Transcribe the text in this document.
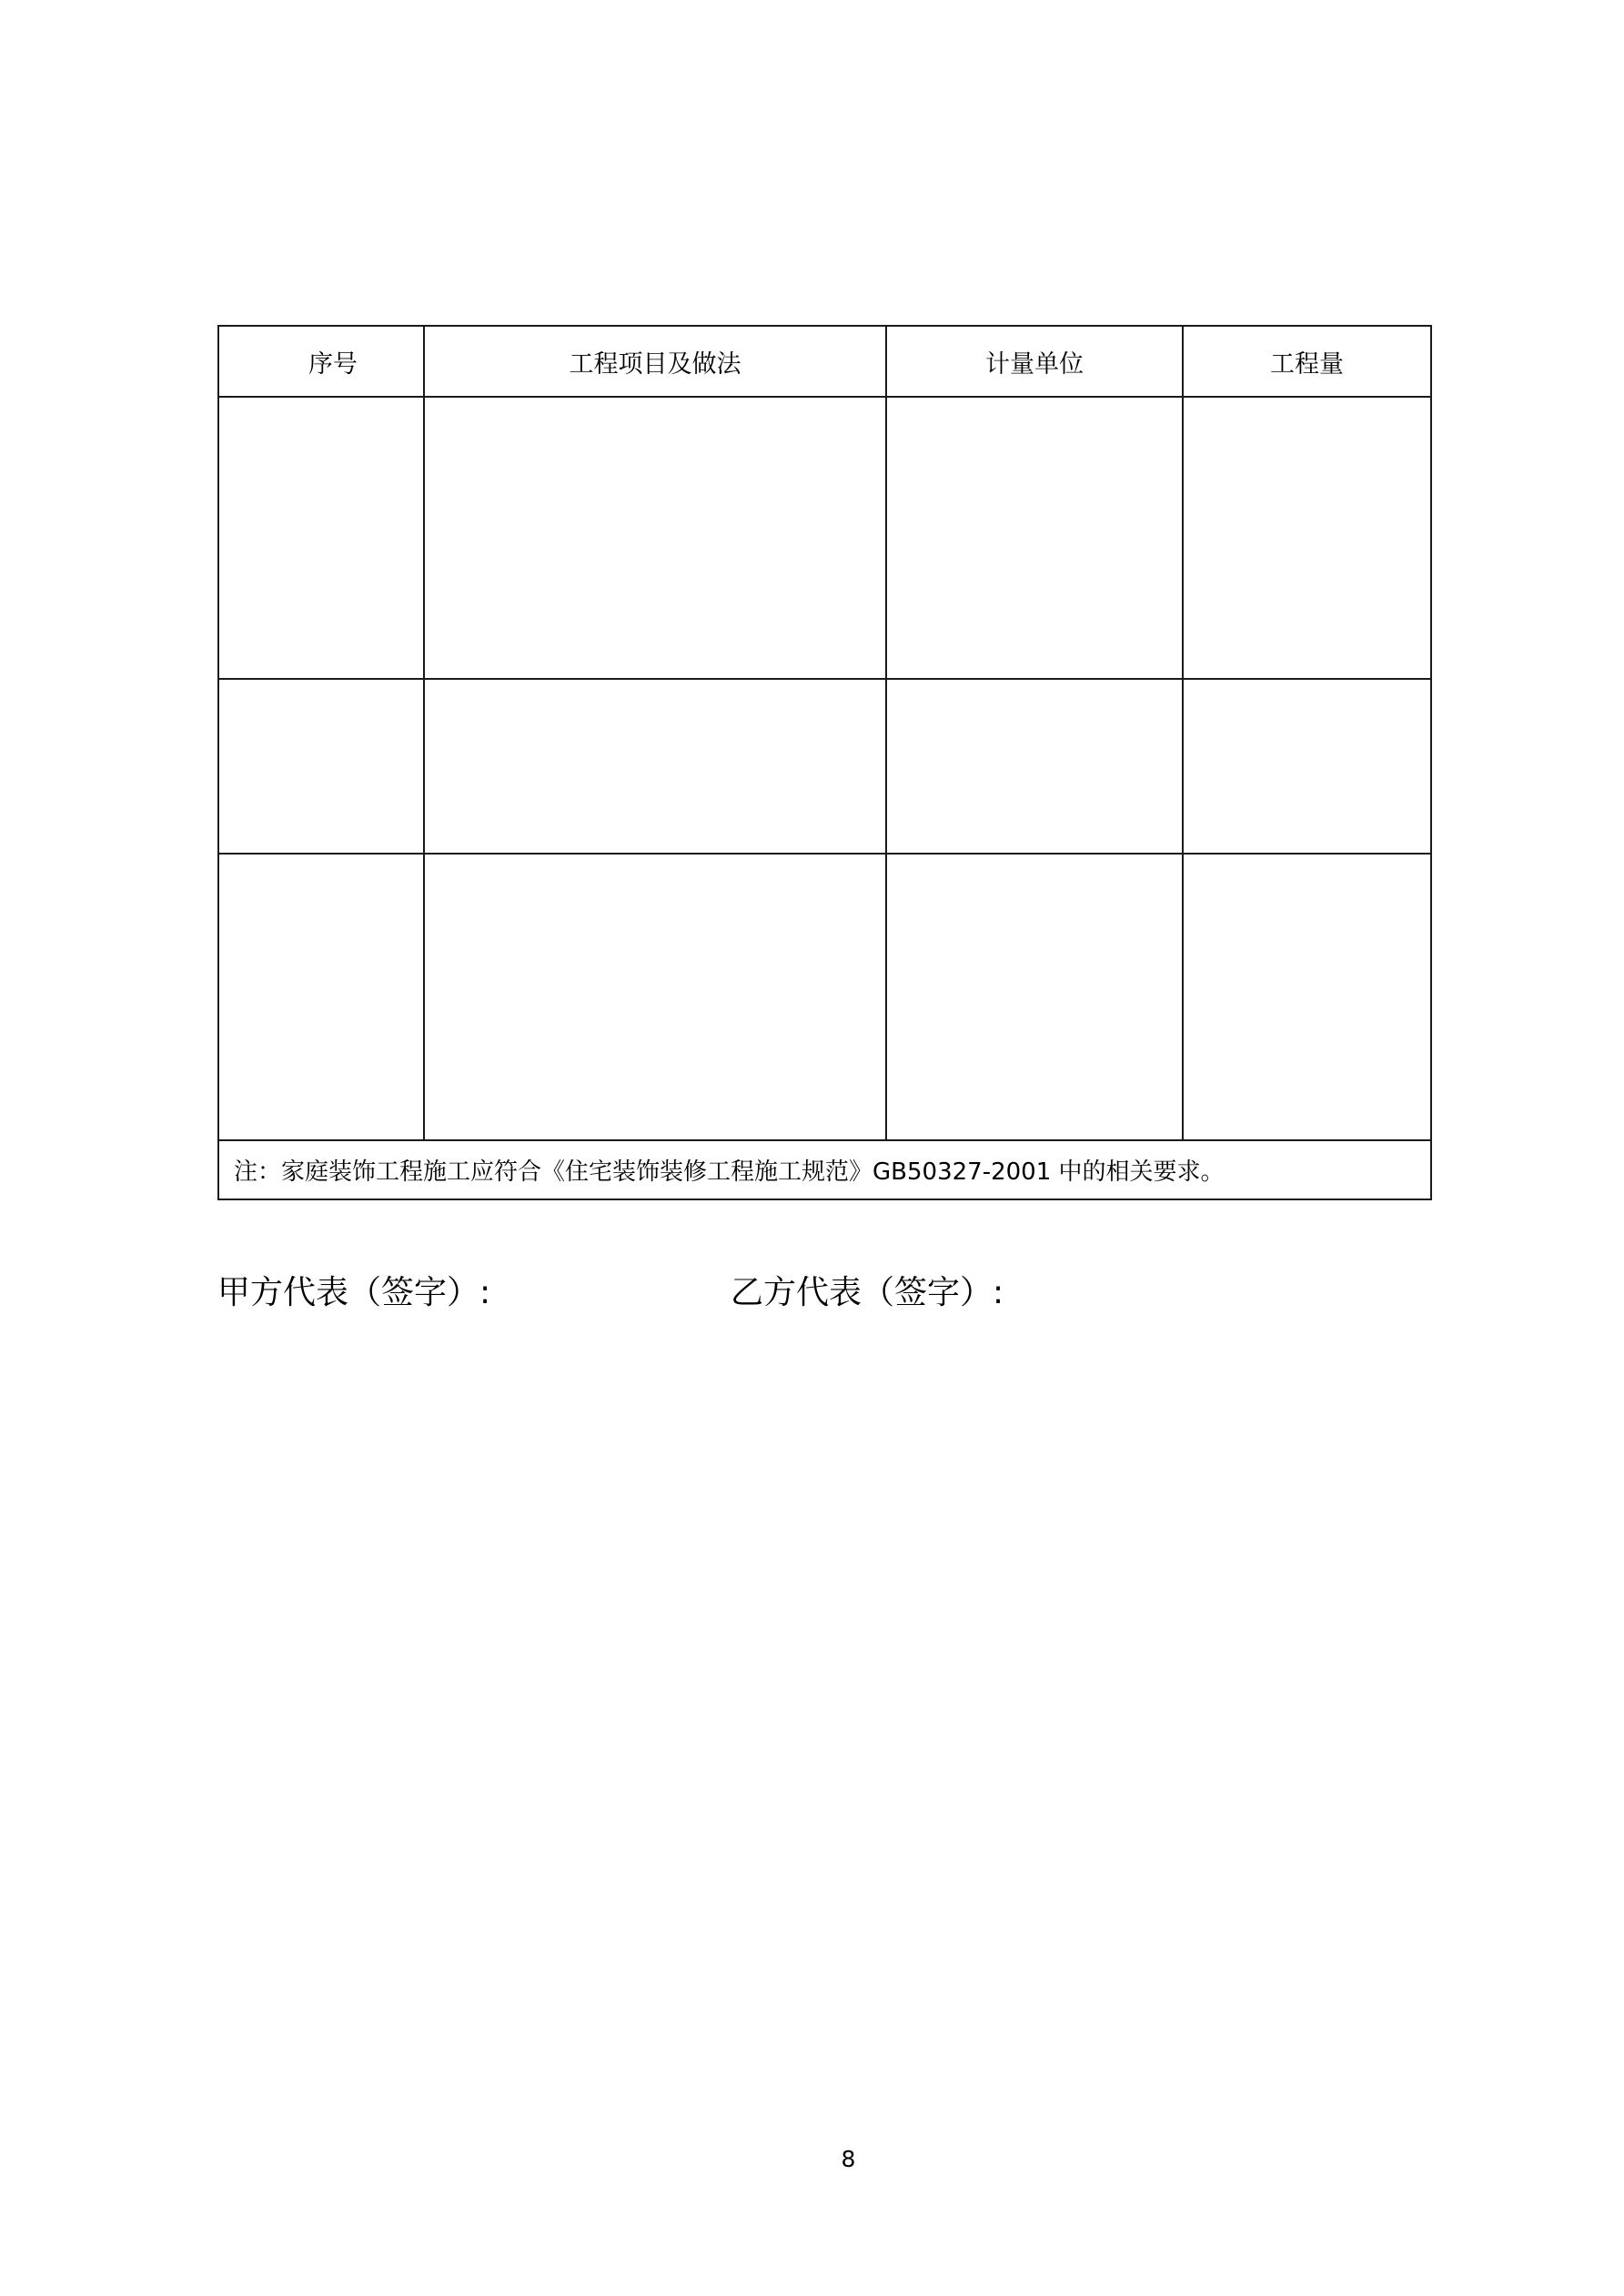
序号	工程项目及做法	计量单位	工程量

注：家庭装饰工程施工应符合《住宅装饰装修工程施工规范》GB50327-2001 中的相关要求。			
甲方代表（签字）:	乙方代表（签字）:
8
